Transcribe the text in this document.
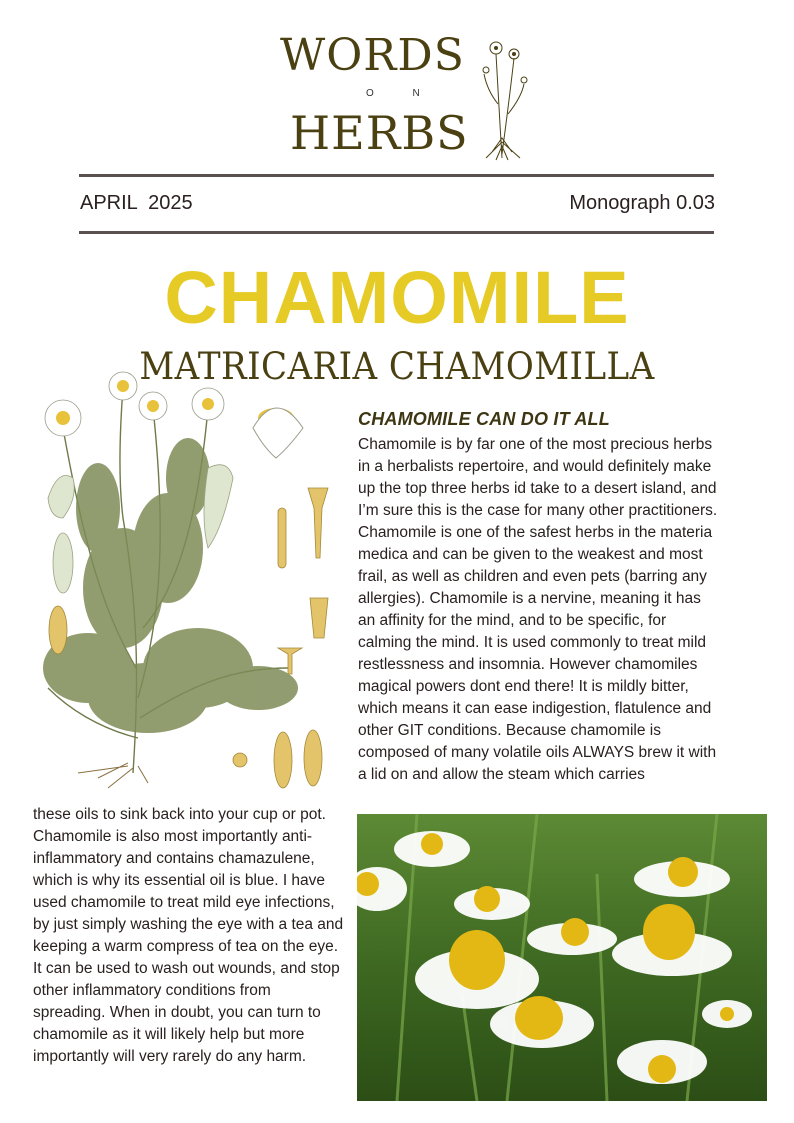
WORDS
O N
HERBS
APRIL  2025	Monograph 0.03
CHAMOMILE
MATRICARIA CHAMOMILLA
CHAMOMILE CAN DO IT ALL

Chamomile is by far one of the most precious herbs in a herbalists repertoire, and would definitely make up the top three herbs id take to a desert island, and I’m sure this is the case for many other practitioners. Chamomile is one of the safest herbs in the materia medica and can be given to the weakest and most frail, as well as children and even pets (barring any allergies). Chamomile is a nervine, meaning it has an affinity for the mind, and to be specific, for calming the mind. It is used commonly to treat mild restlessness and insomnia. However chamomiles magical powers dont end there! It is mildly bitter, which means it can ease indigestion, flatulence and other GIT conditions. Because chamomile is composed of many volatile oils ALWAYS brew it with a lid on and allow the steam which carries

these oils to sink back into your cup or pot. Chamomile is also most importantly anti-inflammatory and contains chamazulene, which is why its essential oil is blue. I have used chamomile to treat mild eye infections, by just simply washing the eye with a tea and keeping a warm compress of tea on the eye. It can be used to wash out wounds, and stop other inflammatory conditions from spreading. When in doubt, you can turn to chamomile as it will likely help but more importantly will very rarely do any harm.
